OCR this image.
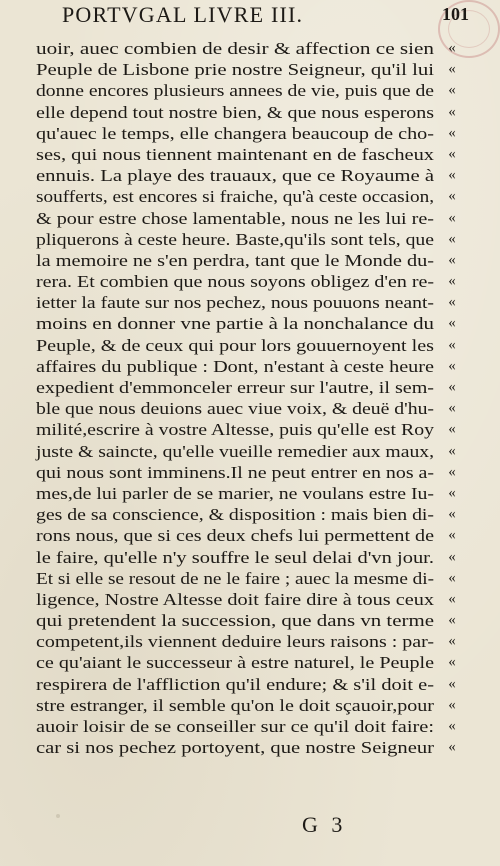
PORTVGAL LIVRE III.	101
uoir, auec combien de desir & affection ce sien
Peuple de Lisbone prie nostre Seigneur, qu'il lui
donne encores plusieurs annees de vie, puis que de
elle depend tout nostre bien, & que nous esperons
qu'auec le temps, elle changera beaucoup de cho-
ses, qui nous tiennent maintenant en de fascheux
ennuis. La playe des trauaux, que ce Royaume à
soufferts, est encores si fraiche, qu'à ceste occasion,
& pour estre chose lamentable, nous ne les lui re-
pliquerons à ceste heure. Baste,qu'ils sont tels, que
la memoire ne s'en perdra, tant que le Monde du-
rera. Et combien que nous soyons obligez d'en re-
ietter la faute sur nos pechez, nous pouuons neant-
moins en donner vne partie à la nonchalance du
Peuple, & de ceux qui pour lors gouuernoyent les
affaires du publique : Dont, n'estant à ceste heure
expedient d'emmonceler erreur sur l'autre, il sem-
ble que nous deuions auec viue voix, & deuë d'hu-
milité,escrire à vostre Altesse, puis qu'elle est Roy
juste & saincte, qu'elle vueille remedier aux maux,
qui nous sont imminens.Il ne peut entrer en nos a-
mes,de lui parler de se marier, ne voulans estre Iu-
ges de sa conscience, & disposition : mais bien di-
rons nous, que si ces deux chefs lui permettent de
le faire, qu'elle n'y souffre le seul delai d'vn jour.
Et si elle se resout de ne le faire ; auec la mesme di-
ligence, Nostre Altesse doit faire dire à tous ceux
qui pretendent la succession, que dans vn terme
competent,ils viennent deduire leurs raisons : par-
ce qu'aiant le successeur à estre naturel, le Peuple
respirera de l'affliction qu'il endure; & s'il doit e-
stre estranger, il semble qu'on le doit sçauoir,pour
auoir loisir de se conseiller sur ce qu'il doit faire:
car si nos pechez portoyent, que nostre Seigneur
«
«
«
«
«
«
«
«
«
«
«
«
«
«
«
«
«
«
«
«
«
«
«
«
«
«
«
«
«
«
«
«
«
«
G 3
